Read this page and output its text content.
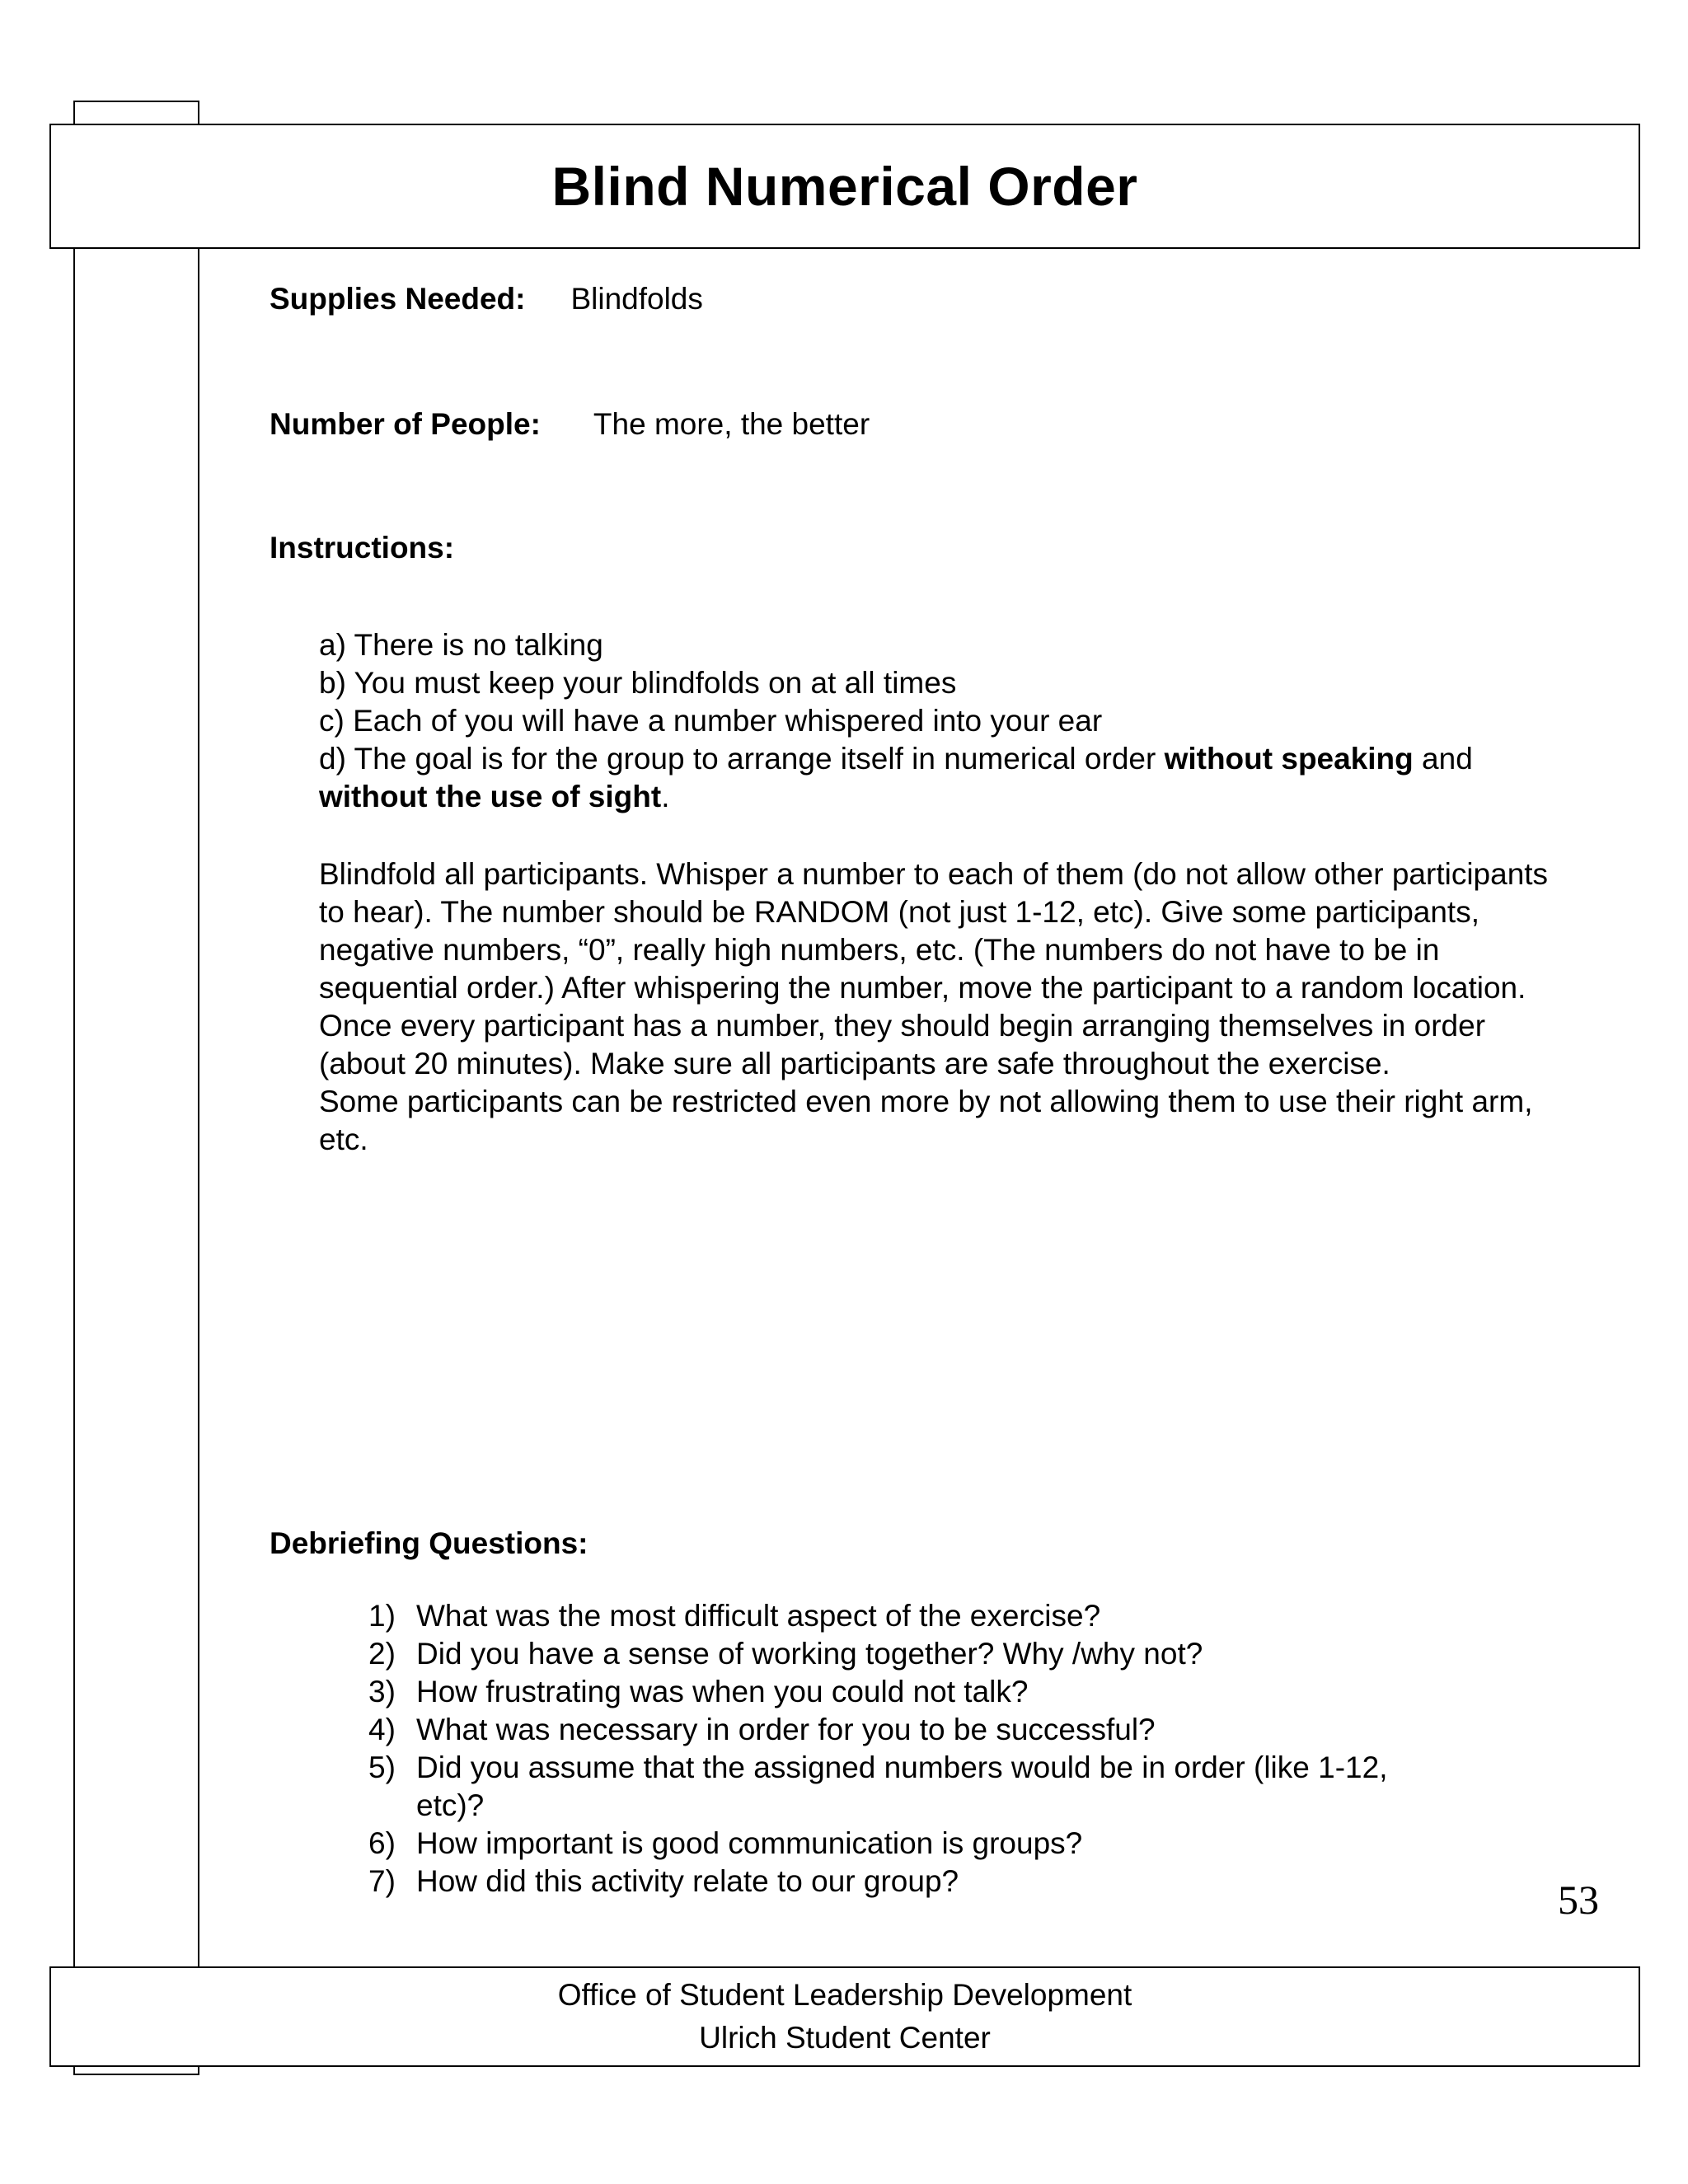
Blind Numerical Order
Supplies Needed: Blindfolds
Number of People: The more, the better
Instructions:
a) There is no talking
b) You must keep your blindfolds on at all times
c) Each of you will have a number whispered into your ear
d) The goal is for the group to arrange itself in numerical order without speaking and without the use of sight.

Blindfold all participants. Whisper a number to each of them (do not allow other participants to hear). The number should be RANDOM (not just 1-12, etc). Give some participants, negative numbers, “0”, really high numbers, etc. (The numbers do not have to be in sequential order.) After whispering the number, move the participant to a random location. Once every participant has a number, they should begin arranging themselves in order (about 20 minutes). Make sure all participants are safe throughout the exercise.

Some participants can be restricted even more by not allowing them to use their right arm, etc.

Debriefing Questions:
1) What was the most difficult aspect of the exercise?
2) Did you have a sense of working together? Why /why not?
3) How frustrating was when you could not talk?
4) What was necessary in order for you to be successful?
5) Did you assume that the assigned numbers would be in order (like 1-12, etc)?
6) How important is good communication is groups?
7) How did this activity relate to our group?	53
Office of Student Leadership Development
Ulrich Student Center
